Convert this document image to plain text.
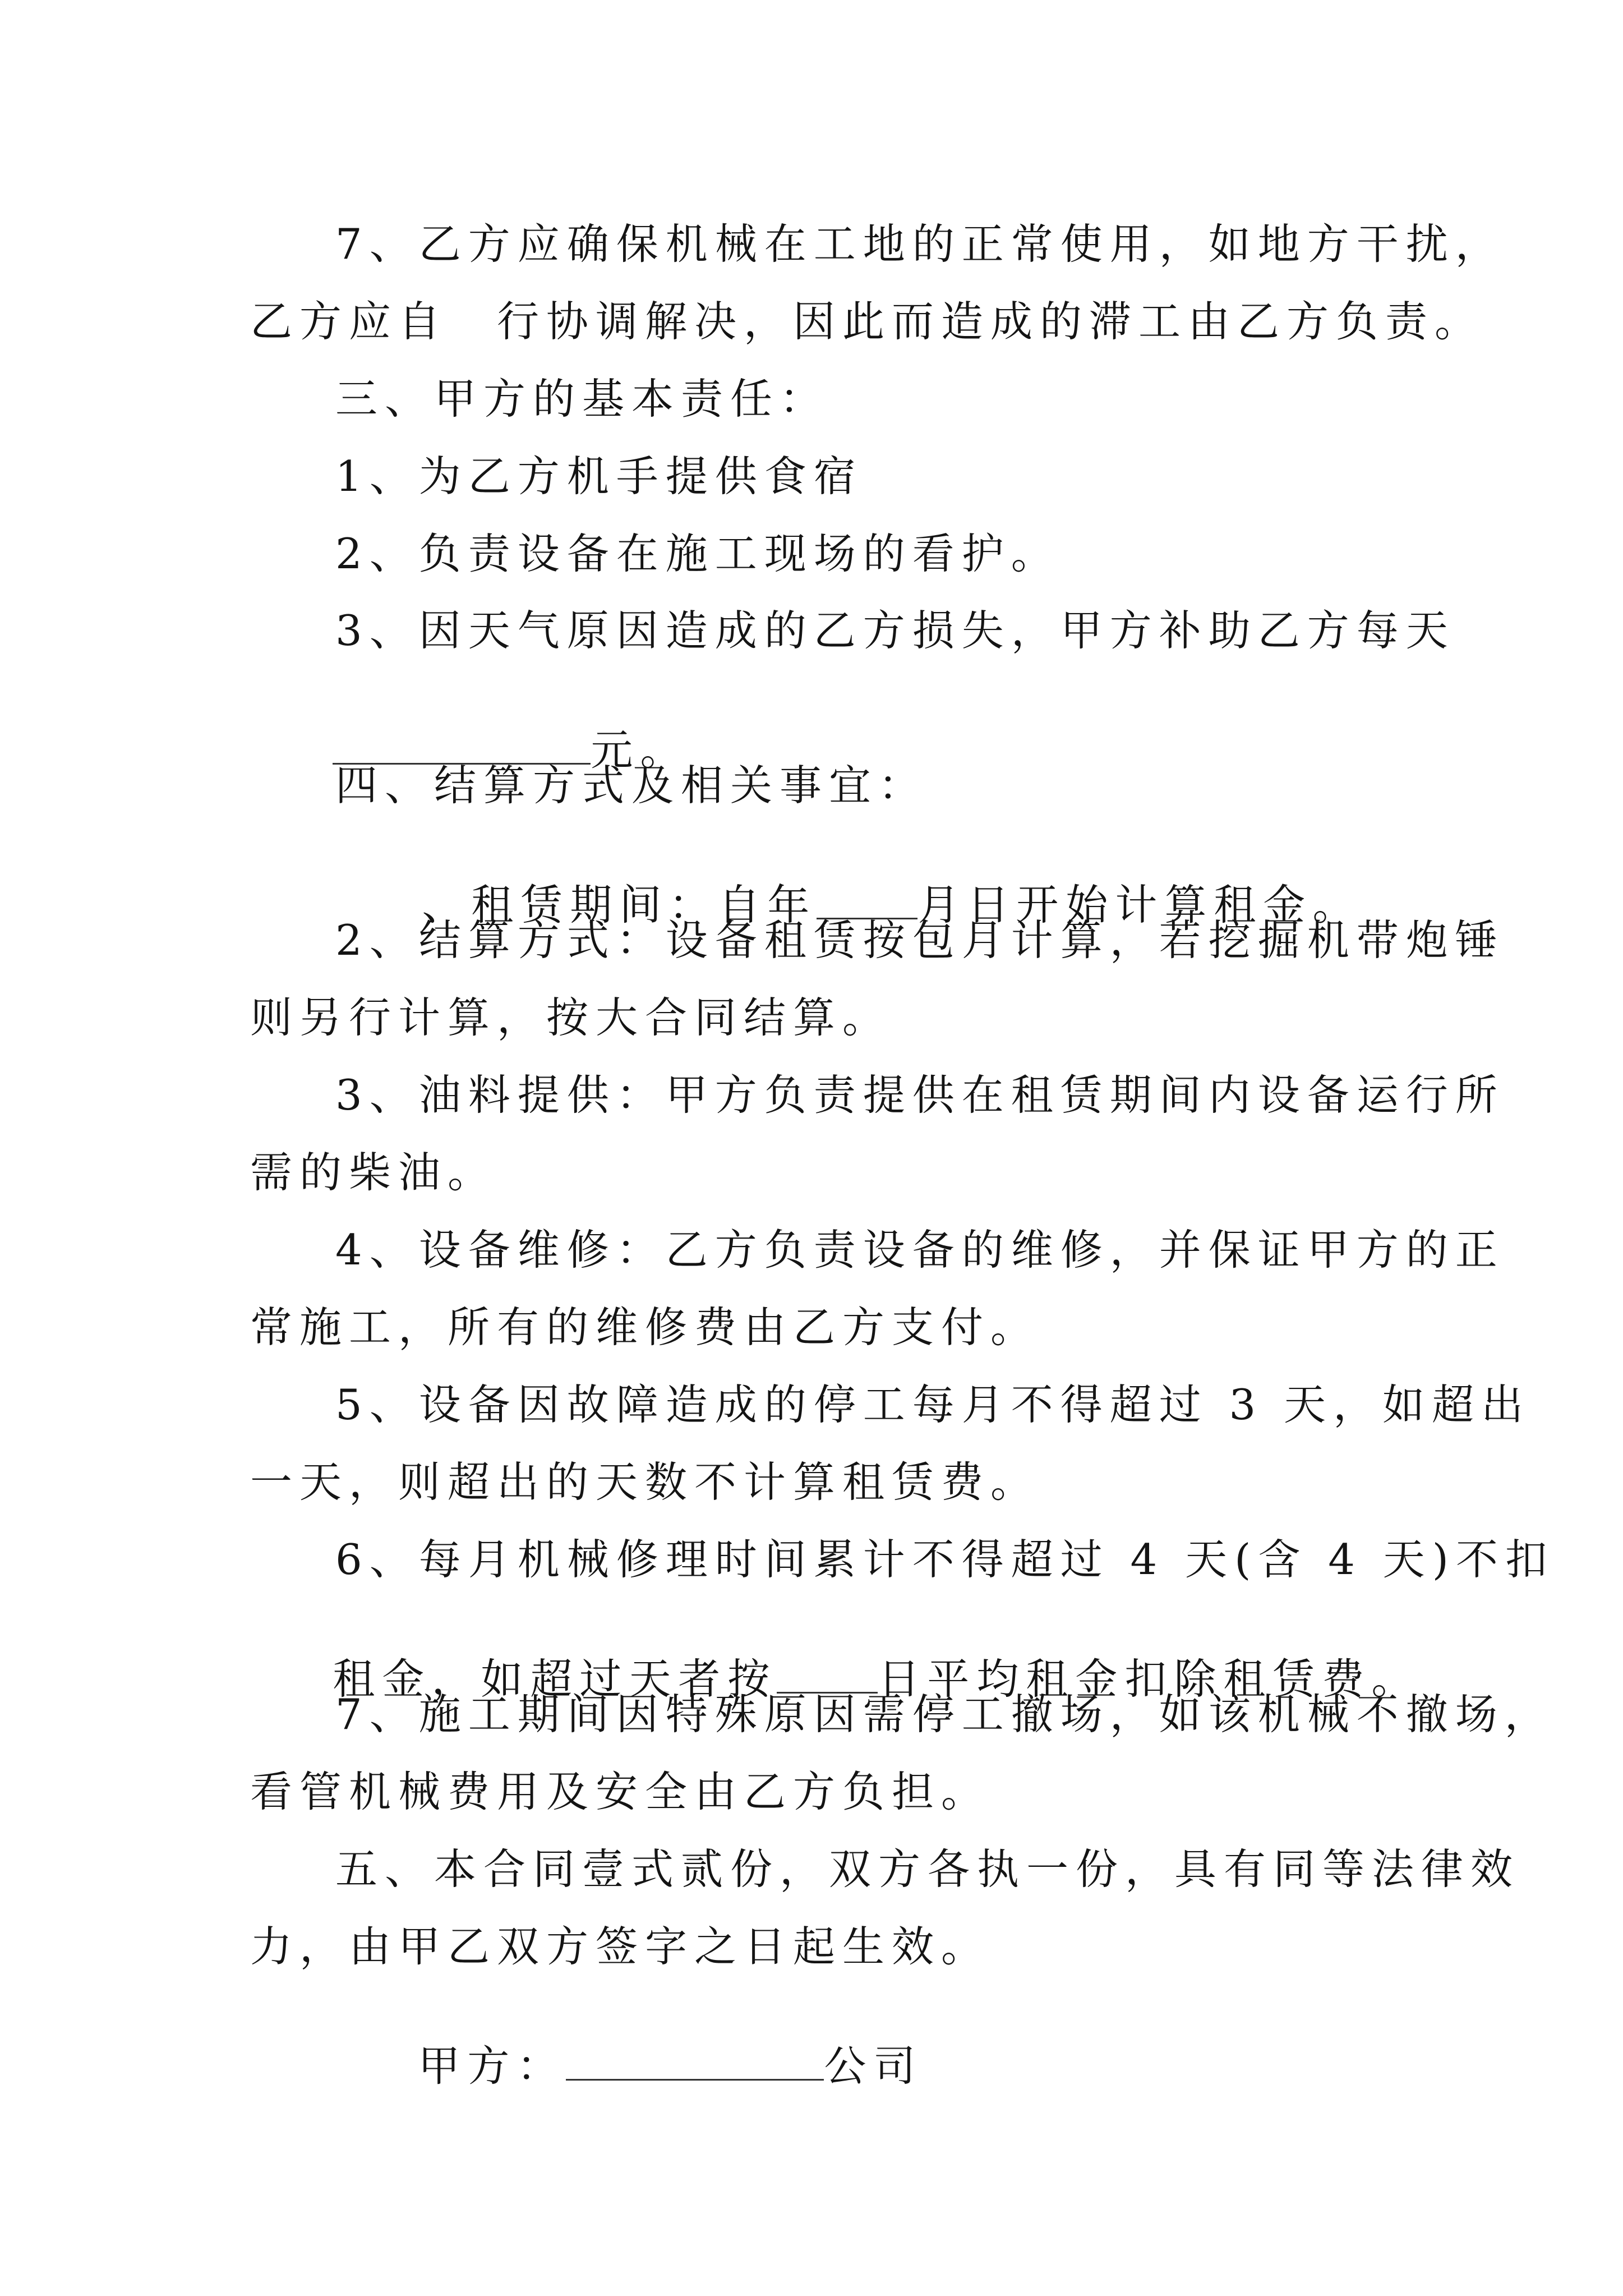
7、乙方应确保机械在工地的正常使用，如地方干扰，
乙方应自　行协调解决，因此而造成的滞工由乙方负责。
三、甲方的基本责任：
1、为乙方机手提供食宿
2、负责设备在施工现场的看护。
3、因天气原因造成的乙方损失，甲方补助乙方每天

元。

四、结算方式及相关事宜：

、租赁期间：自年 月日开始计算租金。

2、结算方式：设备租赁按包月计算，若挖掘机带炮锤
则另行计算，按大合同结算。
3、油料提供：甲方负责提供在租赁期间内设备运行所
需的柴油。
4、设备维修：乙方负责设备的维修，并保证甲方的正
常施工，所有的维修费由乙方支付。
5、设备因故障造成的停工每月不得超过 3 天，如超出
一天，则超出的天数不计算租赁费。
6、每月机械修理时间累计不得超过 4 天(含 4 天)不扣

租金，如超过天者按 日平均租金扣除租赁费。

7、施工期间因特殊原因需停工撤场，如该机械不撤场，
看管机械费用及安全由乙方负担。
五、本合同壹式贰份，双方各执一份，具有同等法律效
力，由甲乙双方签字之日起生效。

甲方：	公司
